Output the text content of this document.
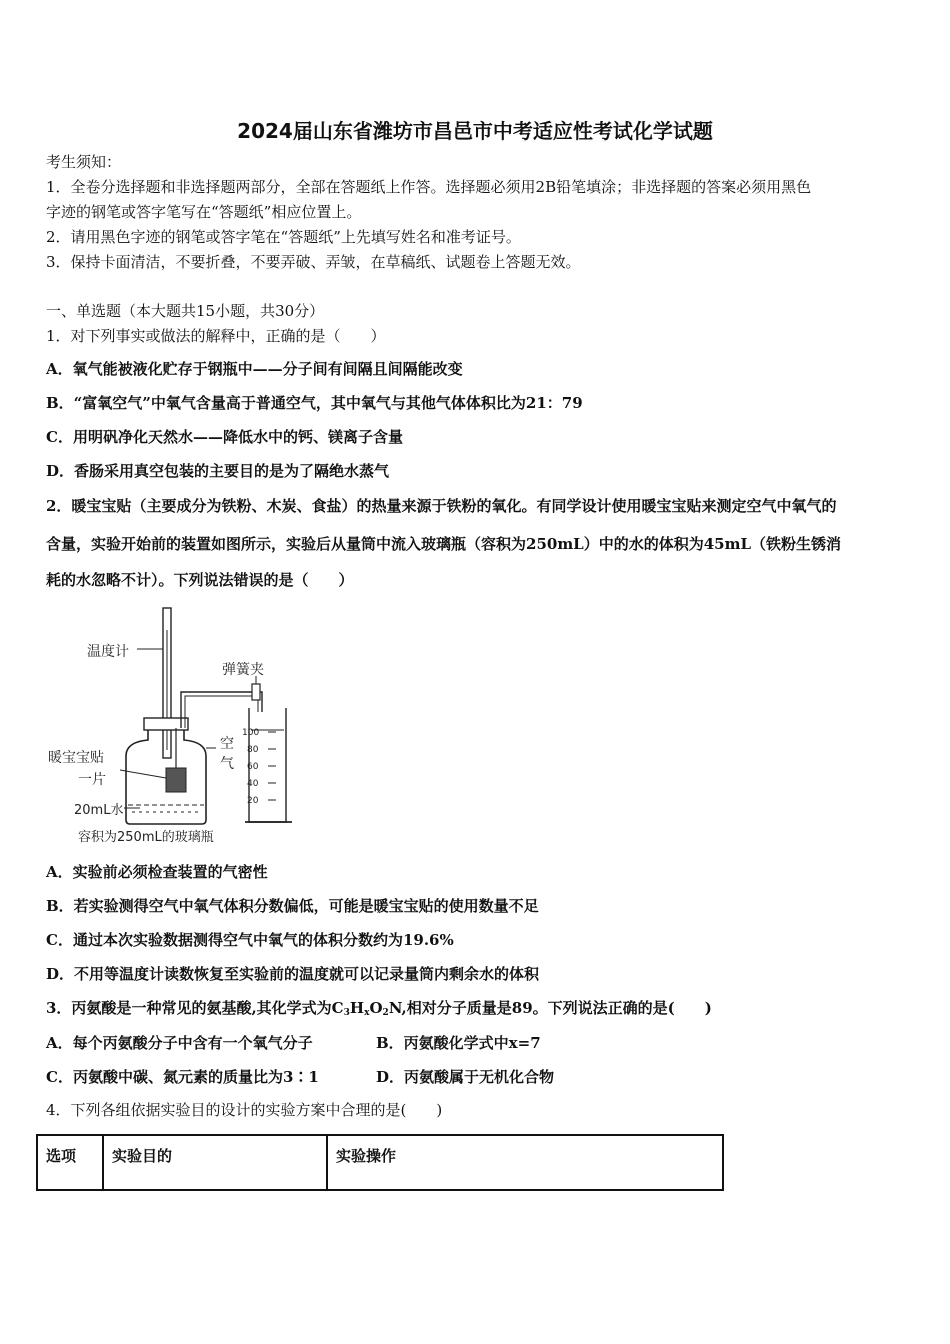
2024届山东省潍坊市昌邑市中考适应性考试化学试题
考生须知：
1．全卷分选择题和非选择题两部分，全部在答题纸上作答。选择题必须用2B铅笔填涂；非选择题的答案必须用黑色
字迹的钢笔或答字笔写在“答题纸”相应位置上。
2．请用黑色字迹的钢笔或答字笔在“答题纸”上先填写姓名和准考证号。
3．保持卡面清洁，不要折叠，不要弄破、弄皱，在草稿纸、试题卷上答题无效。
一、单选题（本大题共15小题，共30分）
1．对下列事实或做法的解释中，正确的是（　　）
A．氧气能被液化贮存于钢瓶中——分子间有间隔且间隔能改变
B．“富氧空气”中氧气含量高于普通空气，其中氧气与其他气体体积比为21：79
C．用明矾净化天然水——降低水中的钙、镁离子含量
D．香肠采用真空包装的主要目的是为了隔绝水蒸气
2．暖宝宝贴（主要成分为铁粉、木炭、食盐）的热量来源于铁粉的氧化。有同学设计使用暖宝宝贴来测定空气中氧气的
含量，实验开始前的装置如图所示，实验后从量筒中流入玻璃瓶（容积为250mL）中的水的体积为45mL（铁粉生锈消
耗的水忽略不计）。下列说法错误的是（　　）
温度计
暖宝宝贴
一片
20mL水
容积为250mL的玻璃瓶
空
气
弹簧夹
100
80
60
40
20
A．实验前必须检查装置的气密性
B．若实验测得空气中氧气体积分数偏低，可能是暖宝宝贴的使用数量不足
C．通过本次实验数据测得空气中氧气的体积分数约为19.6%
D．不用等温度计读数恢复至实验前的温度就可以记录量筒内剩余水的体积
3．丙氨酸是一种常见的氨基酸,其化学式为$C_3H_xO_2N$,相对分子质量是89。下列说法正确的是(　　)
A．每个丙氨酸分子中含有一个氧气分子	B．丙氨酸化学式中x=7
C．丙氨酸中碳、氮元素的质量比为3∶1	D．丙氨酸属于无机化合物
4．下列各组依据实验目的设计的实验方案中合理的是(　　)
选项	实验目的	实验操作
